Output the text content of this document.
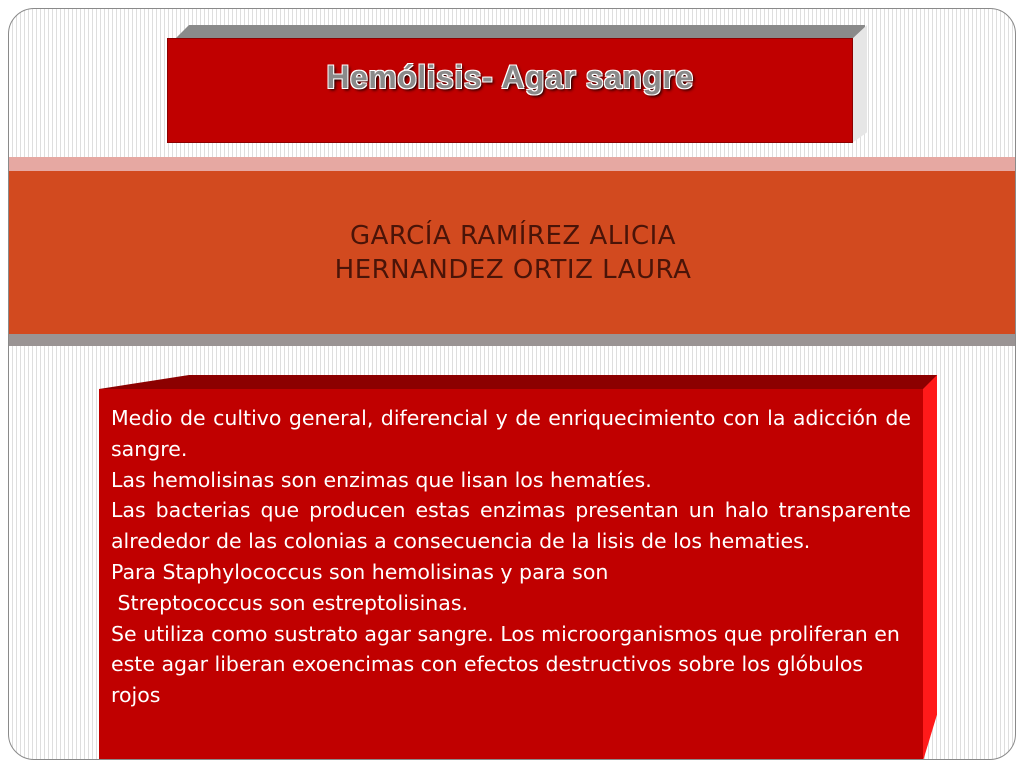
Hemólisis- Agar sangre
GARCÍA RAMÍREZ ALICIA
HERNANDEZ ORTIZ LAURA

Medio de cultivo general, diferencial y de enriquecimiento con la adicción de sangre.

Las hemolisinas son enzimas que lisan los hematíes.

Las bacterias que producen estas enzimas presentan un halo transparente alrededor de las colonias a consecuencia de la lisis de los hematies.

Para Staphylococcus son hemolisinas y para son

Streptococcus son estreptolisinas.

Se utiliza como sustrato agar sangre. Los microorganismos que proliferan en este agar liberan exoencimas con efectos destructivos sobre los glóbulos rojos
